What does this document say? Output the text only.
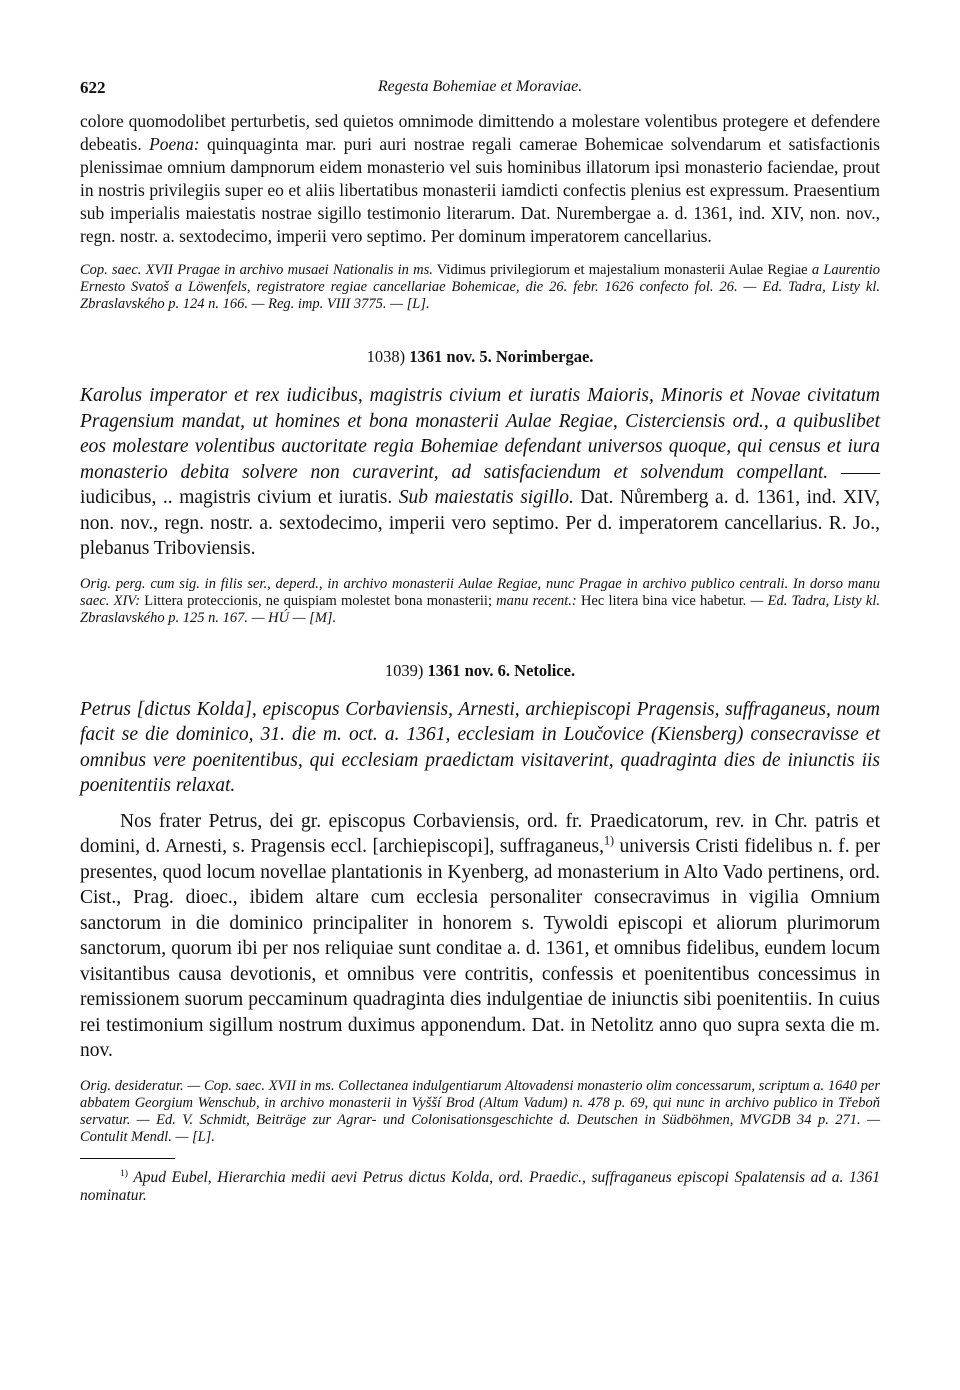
622	Regesta Bohemiae et Moraviae.

colore quomodolibet perturbetis, sed quietos omnimode dimittendo a molestare volentibus protegere et defendere debeatis. Poena: quinquaginta mar. puri auri nostrae regali camerae Bohemicae solvendarum et satisfactionis plenissimae omnium dampnorum eidem monasterio vel suis hominibus illatorum ipsi monasterio faciendae, prout in nostris privilegiis super eo et aliis libertatibus monasterii iamdicti confectis plenius est expressum. Praesentium sub imperialis maiestatis nostrae sigillo testimonio literarum. Dat. Nurembergae a. d. 1361, ind. XIV, non. nov., regn. nostr. a. sextodecimo, imperii vero septimo. Per dominum imperatorem cancellarius.

Cop. saec. XVII Pragae in archivo musaei Nationalis in ms. Vidimus privilegiorum et majestalium monasterii Aulae Regiae a Laurentio Ernesto Svatoš a Löwenfels, registratore regiae cancellariae Bohemicae, die 26. febr. 1626 confecto fol. 26. — Ed. Tadra, Listy kl. Zbraslavského p. 124 n. 166. — Reg. imp. VIII 3775. — [L].

1038) 1361 nov. 5. Norimbergae.

Karolus imperator et rex iudicibus, magistris civium et iuratis Maioris, Minoris et Novae civitatum Pragensium mandat, ut homines et bona monasterii Aulae Regiae, Cisterciensis ord., a quibuslibet eos molestare volentibus auctoritate regia Bohemiae defendant universos quoque, qui census et iura monasterio debita solvere non curaverint, ad satisfaciendum et solvendum compellant. —— iudicibus, .. magistris civium et iuratis. Sub maiestatis sigillo. Dat. Nůremberg a. d. 1361, ind. XIV, non. nov., regn. nostr. a. sextodecimo, imperii vero septimo. Per d. imperatorem cancellarius. R. Jo., plebanus Triboviensis.

Orig. perg. cum sig. in filis ser., deperd., in archivo monasterii Aulae Regiae, nunc Pragae in archivo publico centrali. In dorso manu saec. XIV: Littera proteccionis, ne quispiam molestet bona monasterii; manu recent.: Hec litera bina vice habetur. — Ed. Tadra, Listy kl. Zbraslavského p. 125 n. 167. — HÚ — [M].

1039) 1361 nov. 6. Netolice.

Petrus [dictus Kolda], episcopus Corbaviensis, Arnesti, archiepiscopi Pragensis, suffraganeus, noum facit se die dominico, 31. die m. oct. a. 1361, ecclesiam in Loučovice (Kiensberg) consecravisse et omnibus vere poenitentibus, qui ecclesiam praedictam visitaverint, quadraginta dies de iniunctis iis poenitentiis relaxat.

Nos frater Petrus, dei gr. episcopus Corbaviensis, ord. fr. Praedicatorum, rev. in Chr. patris et domini, d. Arnesti, s. Pragensis eccl. [archiepiscopi], suffraganeus,$^{1)}$ universis Cristi fidelibus n. f. per presentes, quod locum novellae plantationis in Kyenberg, ad monasterium in Alto Vado pertinens, ord. Cist., Prag. dioec., ibidem altare cum ecclesia personaliter consecravimus in vigilia Omnium sanctorum in die dominico principaliter in honorem s. Tywoldi episcopi et aliorum plurimorum sanctorum, quorum ibi per nos reliquiae sunt conditae a. d. 1361, et omnibus fidelibus, eundem locum visitantibus causa devotionis, et omnibus vere contritis, confessis et poenitentibus concessimus in remissionem suorum peccaminum quadraginta dies indulgentiae de iniunctis sibi poenitentiis. In cuius rei testimonium sigillum nostrum duximus apponendum. Dat. in Netolitz anno quo supra sexta die m. nov.

Orig. desideratur. — Cop. saec. XVII in ms. Collectanea indulgentiarum Altovadensi monasterio olim concessarum, scriptum a. 1640 per abbatem Georgium Wenschub, in archivo monasterii in Vyšší Brod (Altum Vadum) n. 478 p. 69, qui nunc in archivo publico in Třeboň servatur. — Ed. V. Schmidt, Beiträge zur Agrar- und Colonisationsgeschichte d. Deutschen in Südböhmen, MVGDB 34 p. 271. — Contulit Mendl. — [L].

$^{1)}$ Apud Eubel, Hierarchia medii aevi Petrus dictus Kolda, ord. Praedic., suffraganeus episcopi Spalatensis ad a. 1361 nominatur.
